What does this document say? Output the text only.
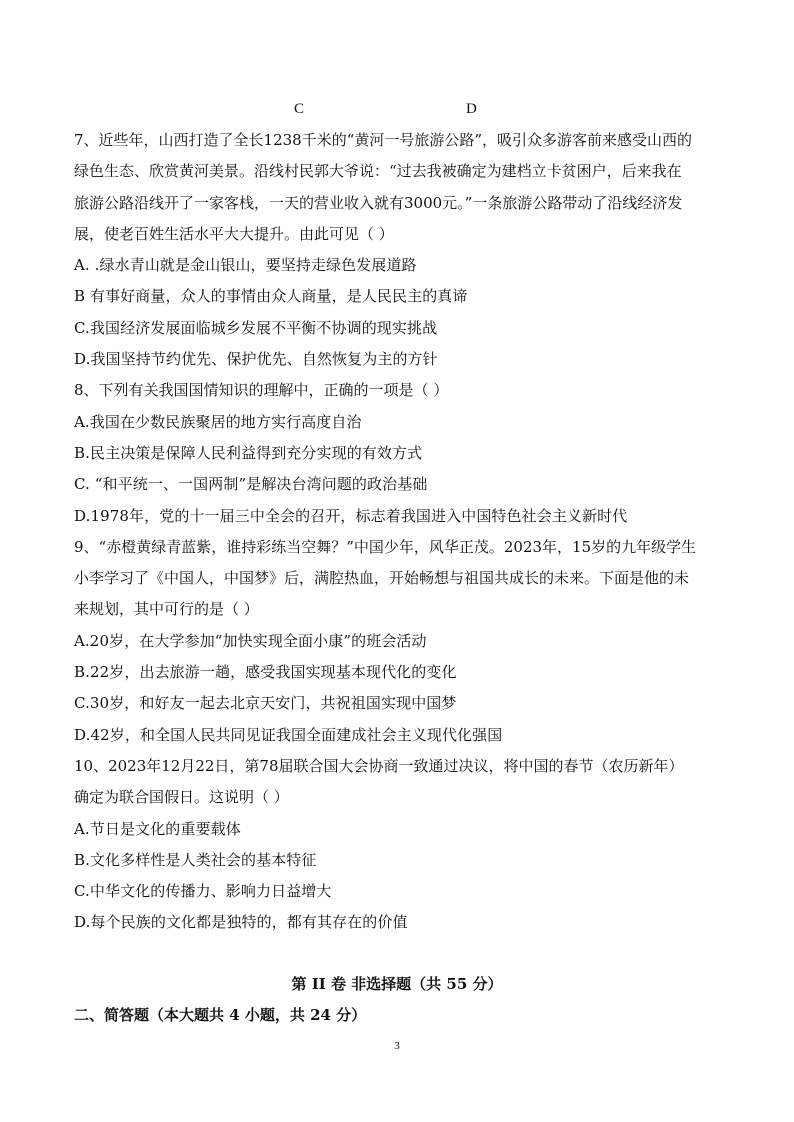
C	D
7、近些年，山西打造了全长1238千米的“黄河一号旅游公路”，吸引众多游客前来感受山西的
绿色生态、欣赏黄河美景。沿线村民郭大爷说：“过去我被确定为建档立卡贫困户，后来我在
旅游公路沿线开了一家客栈，一天的营业收入就有3000元。”一条旅游公路带动了沿线经济发
展，使老百姓生活水平大大提升。由此可见（ ）
A. .绿水青山就是金山银山，要坚持走绿色发展道路
B 有事好商量，众人的事情由众人商量，是人民民主的真谛
C.我国经济发展面临城乡发展不平衡不协调的现实挑战
D.我国坚持节约优先、保护优先、自然恢复为主的方针
8、下列有关我国国情知识的理解中，正确的一项是（ ）
A.我国在少数民族聚居的地方实行高度自治
B.民主决策是保障人民利益得到充分实现的有效方式
C. “和平统一、一国两制”是解决台湾问题的政治基础
D.1978年，党的十一届三中全会的召开，标志着我国进入中国特色社会主义新时代
9、“赤橙黄绿青蓝紫，谁持彩练当空舞？”中国少年，风华正茂。2023年，15岁的九年级学生
小李学习了《中国人，中国梦》后，满腔热血，开始畅想与祖国共成长的未来。下面是他的未
来规划，其中可行的是（ ）
A.20岁，在大学参加“加快实现全面小康”的班会活动
B.22岁，出去旅游一趟，感受我国实现基本现代化的变化
C.30岁，和好友一起去北京天安门，共祝祖国实现中国梦
D.42岁，和全国人民共同见证我国全面建成社会主义现代化强国
10、2023年12月22日，第78届联合国大会协商一致通过决议，将中国的春节（农历新年）
确定为联合国假日。这说明（ ）
A.节日是文化的重要载体
B.文化多样性是人类社会的基本特征
C.中华文化的传播力、影响力日益增大
D.每个民族的文化都是独特的，都有其存在的价值
第 II 卷 非选择题（共 55 分）
二、简答题（本大题共 4 小题，共 24 分）
3
